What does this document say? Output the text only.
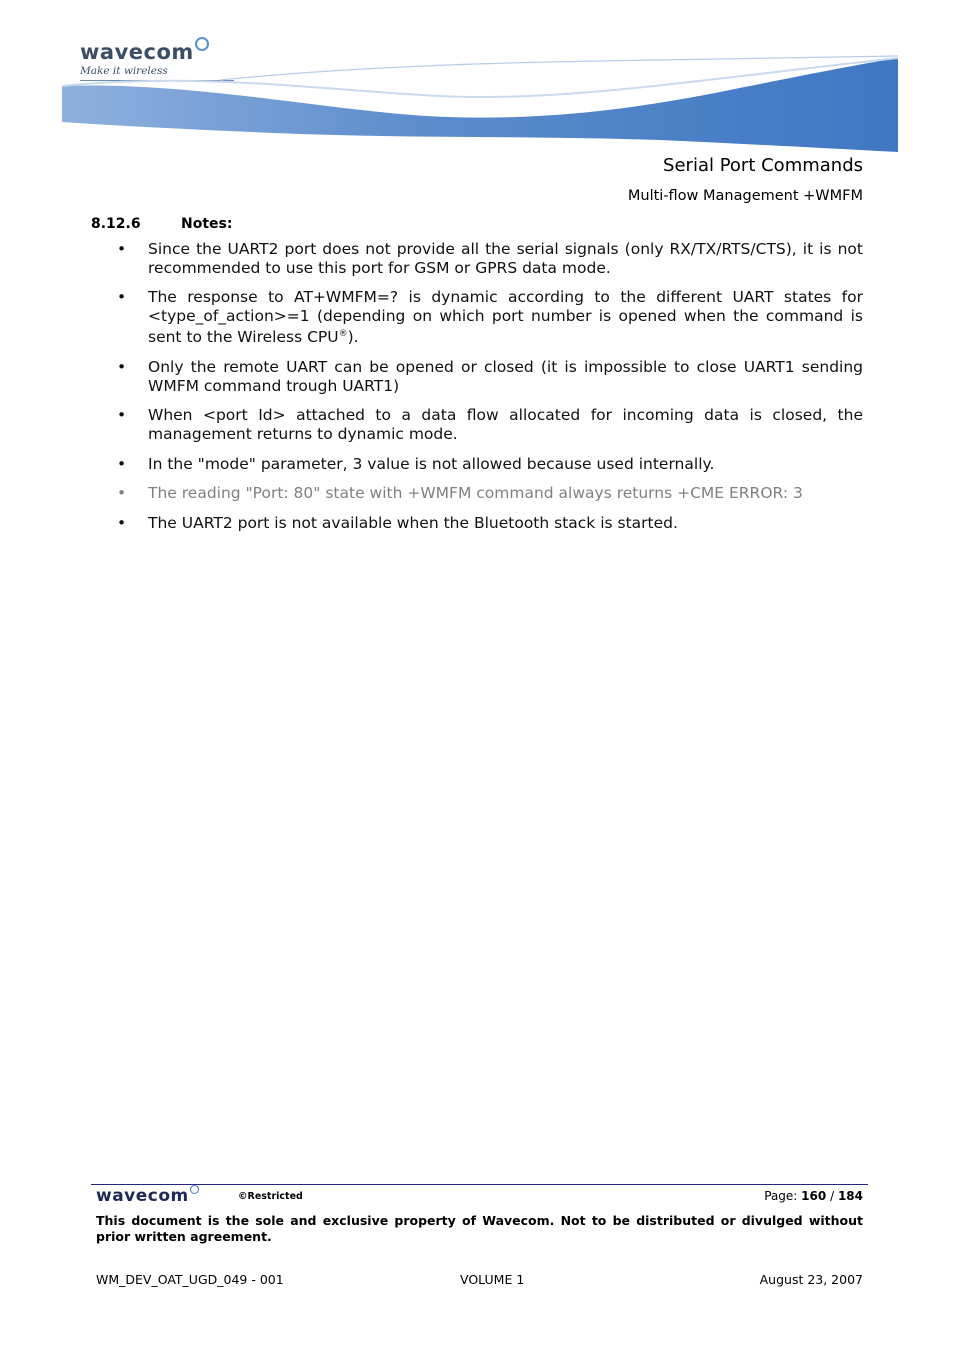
wavecom
Make it wireless
Serial Port Commands
Multi-flow Management +WMFM
8.12.6	Notes:
• Since the UART2 port does not provide all the serial signals (only RX/TX/RTS/CTS), it is not recommended to use this port for GSM or GPRS data mode.
• The response to AT+WMFM=? is dynamic according to the different UART states for <type_of_action>=1 (depending on which port number is opened when the command is sent to the Wireless CPU®).
• Only the remote UART can be opened or closed (it is impossible to close UART1 sending WMFM command trough UART1)
• When <port Id> attached to a data flow allocated for incoming data is closed, the management returns to dynamic mode.
• In the "mode" parameter, 3 value is not allowed because used internally.
• The reading "Port: 80" state with +WMFM command always returns +CME ERROR: 3
• The UART2 port is not available when the Bluetooth stack is started.
wavecom	©Restricted	Page: 160 / 184
This document is the sole and exclusive property of Wavecom. Not to be distributed or divulged without prior written agreement.
WM_DEV_OAT_UGD_049 - 001	VOLUME 1	August 23, 2007
